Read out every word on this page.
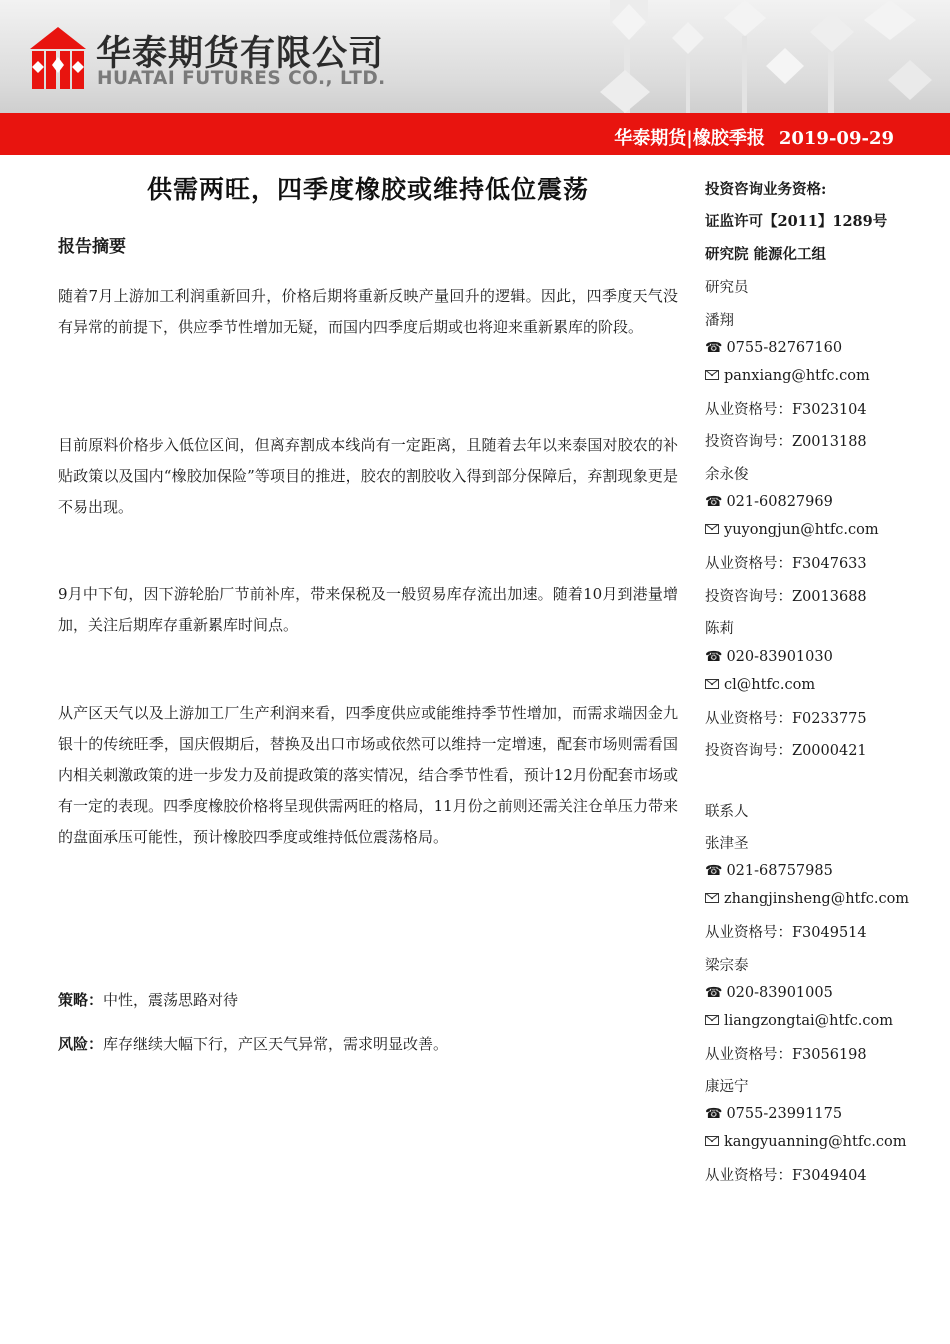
华泰期货有限公司
HUATAI FUTURES CO., LTD.
华泰期货|橡胶季报 2019-09-29
供需两旺，四季度橡胶或维持低位震荡
报告摘要
随着7月上游加工利润重新回升，价格后期将重新反映产量回升的逻辑。因此，四季度天气没有异常的前提下，供应季节性增加无疑，而国内四季度后期或也将迎来重新累库的阶段。
目前原料价格步入低位区间，但离弃割成本线尚有一定距离，且随着去年以来泰国对胶农的补贴政策以及国内“橡胶加保险”等项目的推进，胶农的割胶收入得到部分保障后，弃割现象更是不易出现。
9月中下旬，因下游轮胎厂节前补库，带来保税及一般贸易库存流出加速。随着10月到港量增加，关注后期库存重新累库时间点。
从产区天气以及上游加工厂生产利润来看，四季度供应或能维持季节性增加，而需求端因金九银十的传统旺季，国庆假期后，替换及出口市场或依然可以维持一定增速，配套市场则需看国内相关刺激政策的进一步发力及前提政策的落实情况，结合季节性看，预计12月份配套市场或有一定的表现。四季度橡胶价格将呈现供需两旺的格局，11月份之前则还需关注仓单压力带来的盘面承压可能性，预计橡胶四季度或维持低位震荡格局。
策略：中性，震荡思路对待
风险：库存继续大幅下行，产区天气异常，需求明显改善。
投资咨询业务资格:
证监许可【2011】1289号
研究院 能源化工组
研究员
潘翔
☎ 0755-82767160
panxiang@htfc.com
从业资格号：F3023104
投资咨询号：Z0013188
余永俊
☎ 021-60827969
yuyongjun@htfc.com
从业资格号：F3047633
投资咨询号：Z0013688
陈莉
☎ 020-83901030
cl@htfc.com
从业资格号：F0233775
投资咨询号：Z0000421
联系人
张津圣
☎ 021-68757985
zhangjinsheng@htfc.com
从业资格号：F3049514
梁宗泰
☎ 020-83901005
liangzongtai@htfc.com
从业资格号：F3056198
康远宁
☎ 0755-23991175
kangyuanning@htfc.com
从业资格号：F3049404
